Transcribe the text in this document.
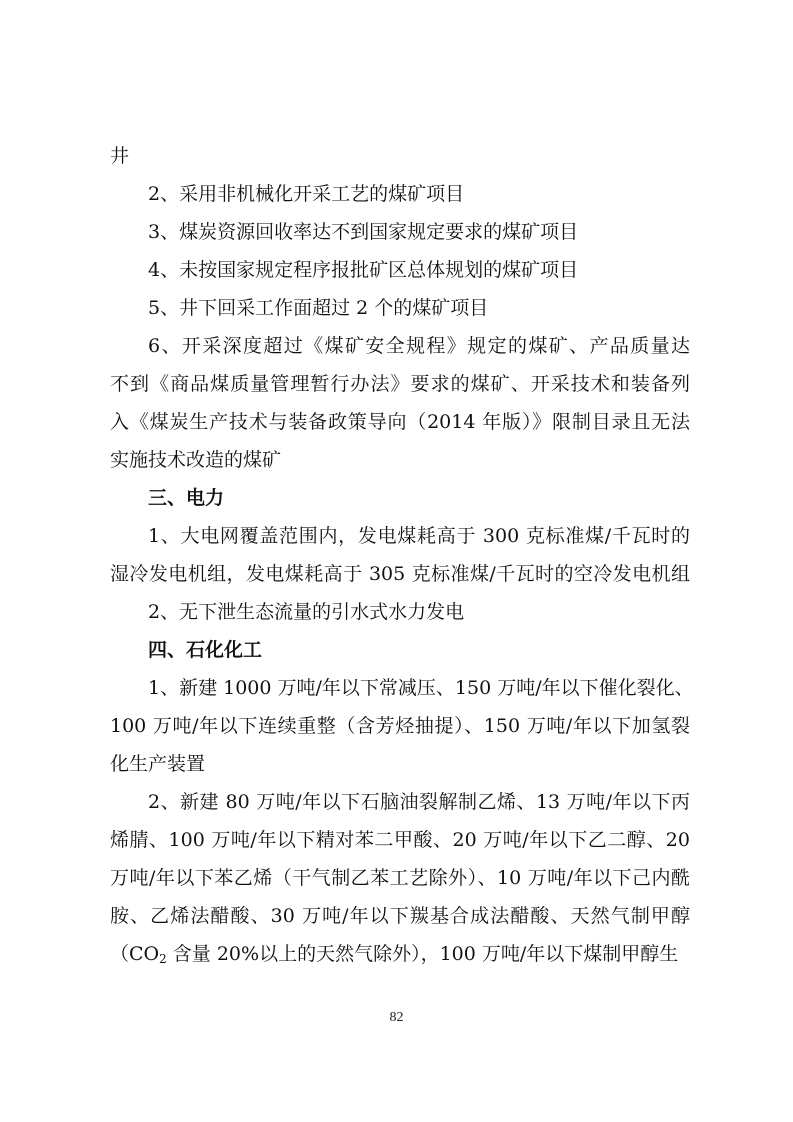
井

2、采用非机械化开采工艺的煤矿项目

3、煤炭资源回收率达不到国家规定要求的煤矿项目

4、未按国家规定程序报批矿区总体规划的煤矿项目

5、井下回采工作面超过 2 个的煤矿项目

6、开采深度超过《煤矿安全规程》规定的煤矿、产品质量达

不到《商品煤质量管理暂行办法》要求的煤矿、开采技术和装备列

入《煤炭生产技术与装备政策导向（2014 年版）》限制目录且无法

实施技术改造的煤矿

三、电力

1、大电网覆盖范围内，发电煤耗高于 300 克标准煤/千瓦时的

湿冷发电机组，发电煤耗高于 305 克标准煤/千瓦时的空冷发电机组

2、无下泄生态流量的引水式水力发电

四、石化化工

1、新建 1000 万吨/年以下常减压、150 万吨/年以下催化裂化、

100 万吨/年以下连续重整（含芳烃抽提）、150 万吨/年以下加氢裂

化生产装置

2、新建 80 万吨/年以下石脑油裂解制乙烯、13 万吨/年以下丙

烯腈、100 万吨/年以下精对苯二甲酸、20 万吨/年以下乙二醇、20

万吨/年以下苯乙烯（干气制乙苯工艺除外）、10 万吨/年以下己内酰

胺、乙烯法醋酸、30 万吨/年以下羰基合成法醋酸、天然气制甲醇

（$CO_2$ 含量 20%以上的天然气除外），100 万吨/年以下煤制甲醇生

82
